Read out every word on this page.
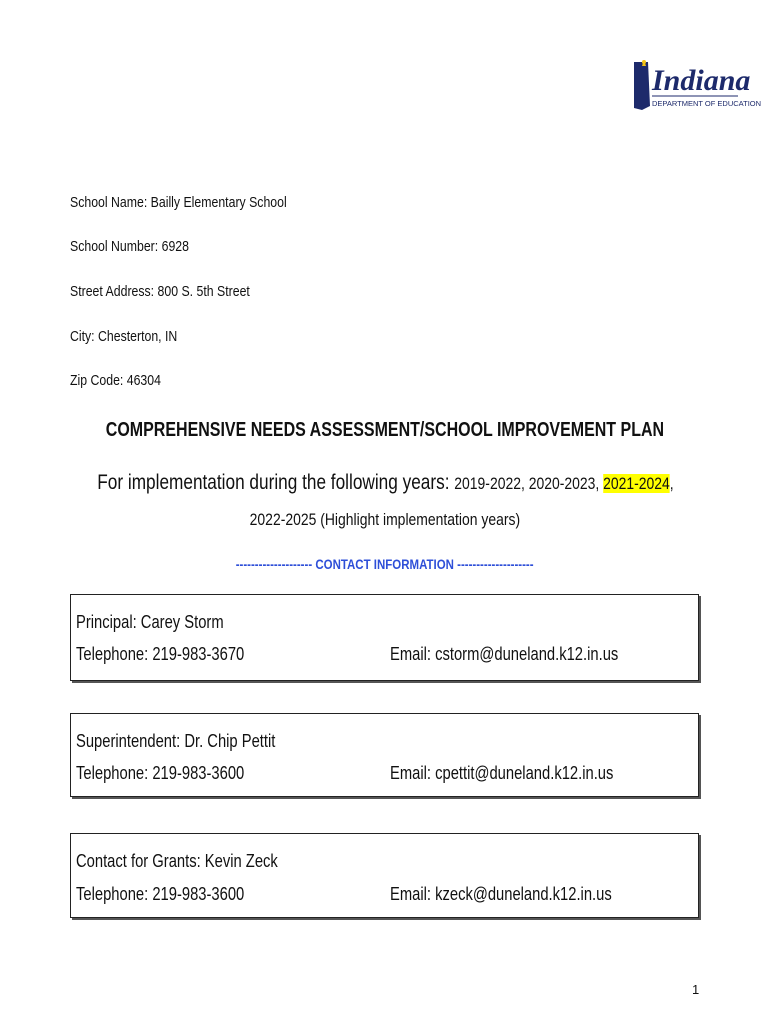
Indiana
DEPARTMENT OF EDUCATION
School Name: Bailly Elementary School
School Number: 6928
Street Address: 800 S. 5th Street
City: Chesterton, IN
Zip Code: 46304
COMPREHENSIVE NEEDS ASSESSMENT/SCHOOL IMPROVEMENT PLAN
For implementation during the following years: 2019-2022, 2020-2023, 2021-2024,
2022-2025 (Highlight implementation years)
-------------------- CONTACT INFORMATION --------------------
Principal: Carey Storm
Telephone: 219-983-3670	Email: cstorm@duneland.k12.in.us
Superintendent: Dr. Chip Pettit
Telephone: 219-983-3600	Email: cpettit@duneland.k12.in.us
Contact for Grants: Kevin Zeck
Telephone: 219-983-3600	Email: kzeck@duneland.k12.in.us
1
